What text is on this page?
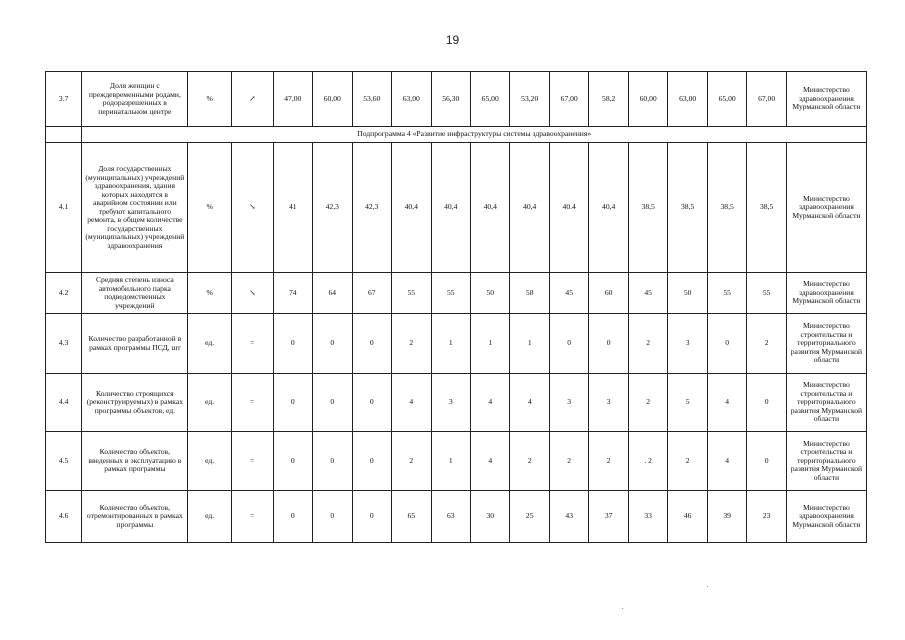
19
3.7	Доля женщин с преждевременными родами, родоразрешенных в перинатальном центре	%	↗	47,00	60,00	53,60	63,00	56,30	65,00	53,20	67,00	58,2	60,00	63,00	65,00	67,00	Министерство здравоохранения Мурманской области
	Подпрограмма 4 «Развитие инфраструктуры системы здравоохранения»																
4.1	Доля государственных (муниципальных) учреждений здравоохранения, здания которых находятся в аварийном состоянии или требуют капитального ремонта, в общем количестве государственных (муниципальных) учреждений здравоохранения	%	↘	41	42,3	42,3	40,4	40,4	40,4	40,4	40.4	40,4	38,5	38,5	38,5	38,5	Министерство здравоохранения Мурманской области
4.2	Средняя степень износа автомобильного парка подведомственных учреждений	%	↘	74	64	67	55	55	50	58	45	60	45	50	55	55	Министерство здравоохранения Мурманской области
4.3	Количество разработанной в рамках программы ПСД, шт	ед.	=	0	0	0	2	1	1	1	0	0	2	3	0	2	Министерство строительства и территориального развития Мурманской области
4.4	Количество строящихся (реконструируемых) в рамках программы объектов, ед.	ед.	=	0	0	0	4	3	4	4	3	3	2	5	4	0	Министерство строительства и территориального развития Мурманской области
4.5	Количество объектов, введенных в эксплуатацию в рамках программы	ед.	=	0	0	0	2	1	4	2	2	2	. 2	2	4	0	Министерство строительства и территориального развития Мурманской области
4.6	Количество объектов, отремонтированных в рамках программы	ед.	=	0	0	0	65	63	30	25	43	37	33	46	39	23	Министерство здравоохранения Мурманской области
